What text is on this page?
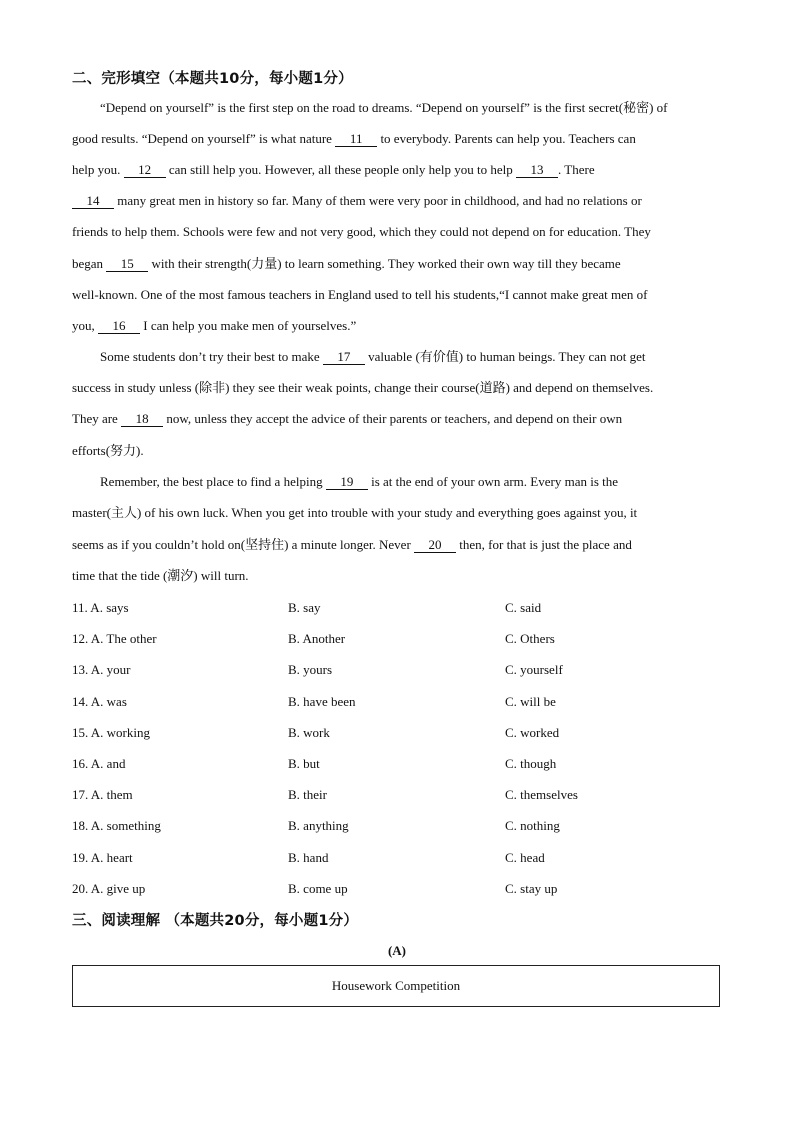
二、完形填空（本题共10分，每小题1分）
“Depend on yourself” is the first step on the road to dreams. “Depend on yourself” is the first secret(秘密) of
good results. “Depend on yourself” is what nature 11 to everybody. Parents can help you. Teachers can
help you. 12 can still help you. However, all these people only help you to help 13 . There
14 many great men in history so far. Many of them were very poor in childhood, and had no relations or
friends to help them. Schools were few and not very good, which they could not depend on for education. They
began 15 with their strength(力量) to learn something. They worked their own way till they became
well-known. One of the most famous teachers in England used to tell his students,“I cannot make great men of
you, 16 I can help you make men of yourselves.”
Some students don’t try their best to make 17 valuable (有价值) to human beings. They can not get
success in study unless (除非) they see their weak points, change their course(道路) and depend on themselves.
They are 18 now, unless they accept the advice of their parents or teachers, and depend on their own
efforts(努力).
Remember, the best place to find a helping 19 is at the end of your own arm. Every man is the
master(主人) of his own luck. When you get into trouble with your study and everything goes against you, it
seems as if you couldn’t hold on(坚持住) a minute longer. Never 20 then, for that is just the place and
time that the tide (潮汐) will turn.
11. A. says	B. say	C. said
12. A. The other	B. Another	C. Others
13. A. your	B. yours	C. yourself
14. A. was	B. have been	C. will be
15. A. working	B. work	C. worked
16. A. and	B. but	C. though
17. A. them	B. their	C. themselves
18. A. something	B. anything	C. nothing
19. A. heart	B. hand	C. head
20. A. give up	B. come up	C. stay up
三、阅读理解 （本题共20分，每小题1分）
(A)
Housework Competition
